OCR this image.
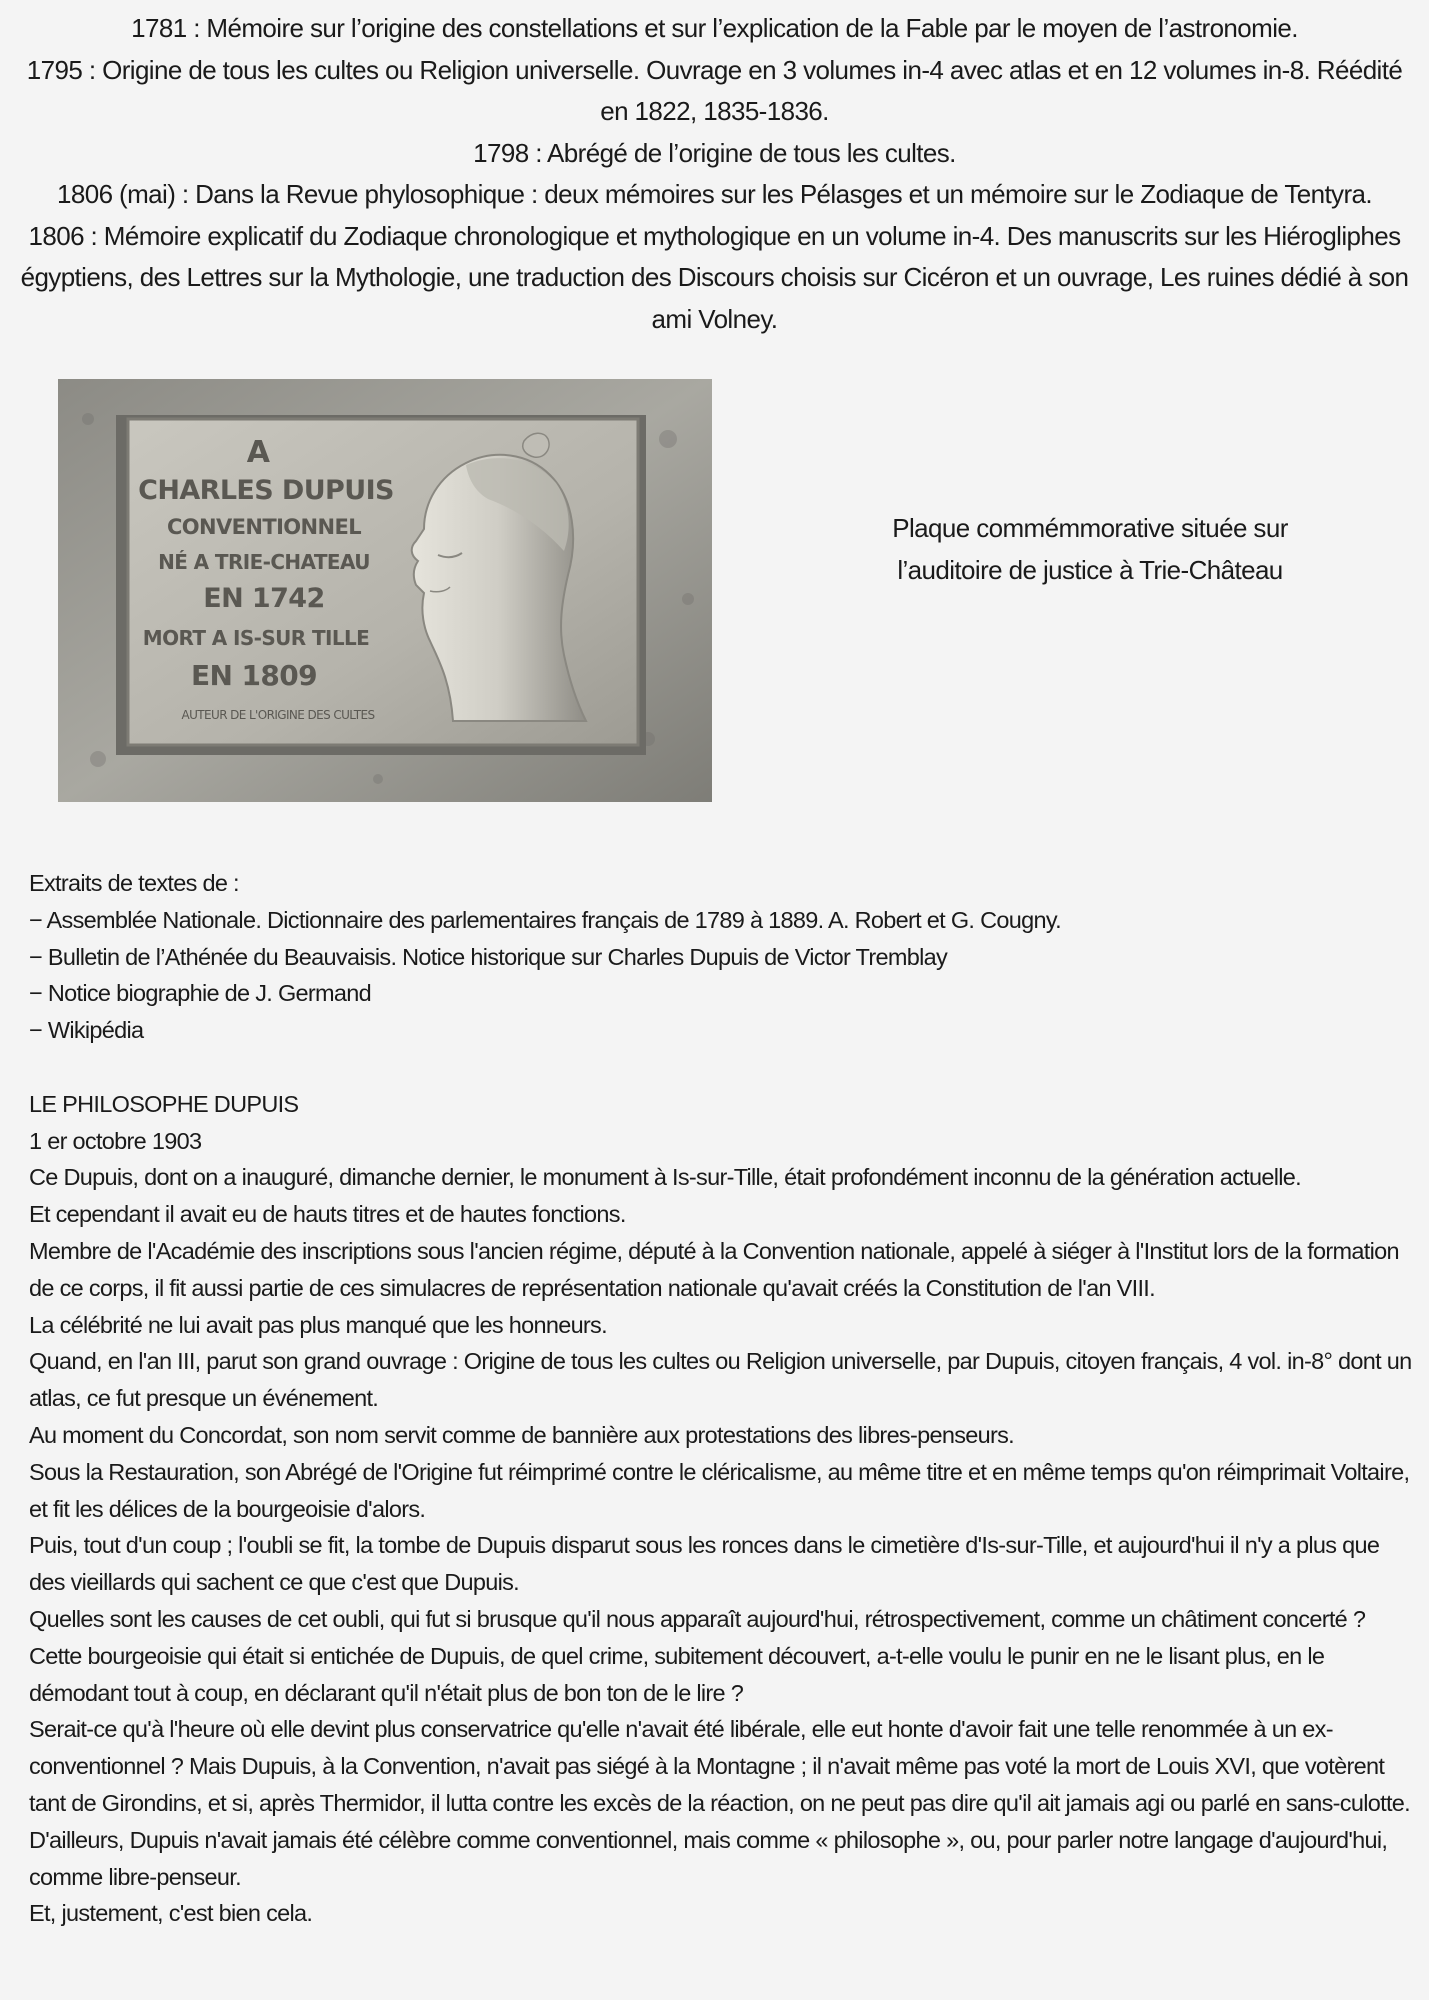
1781 : Mémoire sur l’origine des constellations et sur l’explication de la Fable par le moyen de l’astronomie.

1795 : Origine de tous les cultes ou Religion universelle. Ouvrage en 3 volumes in-4 avec atlas et en 12 volumes in-8. Réédité en 1822, 1835-1836.

1798 : Abrégé de l’origine de tous les cultes.

1806 (mai) : Dans la Revue phylosophique : deux mémoires sur les Pélasges et un mémoire sur le Zodiaque de Tentyra.

1806 : Mémoire explicatif du Zodiaque chronologique et mythologique en un volume in-4. Des manuscrits sur les Hiérogliphes égyptiens, des Lettres sur la Mythologie, une traduction des Discours choisis sur Cicéron et un ouvrage, Les ruines dédié à son ami Volney.

A
CHARLES DUPUIS
CONVENTIONNEL
NÉ A TRIE-CHATEAU
EN 1742
MORT A IS-SUR TILLE
EN 1809
AUTEUR DE L'ORIGINE DES CULTES

Plaque commémmorative située sur

l’auditoire de justice à Trie-Château

Extraits de textes de :

− Assemblée Nationale. Dictionnaire des parlementaires français de 1789 à 1889. A. Robert et G. Cougny.

− Bulletin de l’Athénée du Beauvaisis. Notice historique sur Charles Dupuis de Victor Tremblay

− Notice biographie de J. Germand

− Wikipédia

LE PHILOSOPHE DUPUIS

1 er octobre 1903

Ce Dupuis, dont on a inauguré, dimanche dernier, le monument à Is-sur-Tille, était profondément inconnu de la génération actuelle.

Et cependant il avait eu de hauts titres et de hautes fonctions.

Membre de l'Académie des inscriptions sous l'ancien régime, député à la Convention nationale, appelé à siéger à l'Institut lors de la formation de ce corps, il fit aussi partie de ces simulacres de représentation nationale qu'avait créés la Constitution de l'an VIII.

La célébrité ne lui avait pas plus manqué que les honneurs.

Quand, en l'an III, parut son grand ouvrage : Origine de tous les cultes ou Religion universelle, par Dupuis, citoyen français, 4 vol. in-8° dont un atlas, ce fut presque un événement.

Au moment du Concordat, son nom servit comme de bannière aux protestations des libres-penseurs.

Sous la Restauration, son Abrégé de l'Origine fut réimprimé contre le cléricalisme, au même titre et en même temps qu'on réimprimait Voltaire, et fit les délices de la bourgeoisie d'alors.

Puis, tout d'un coup ; l'oubli se fit, la tombe de Dupuis disparut sous les ronces dans le cimetière d'Is-sur-Tille, et aujourd'hui il n'y a plus que des vieillards qui sachent ce que c'est que Dupuis.

Quelles sont les causes de cet oubli, qui fut si brusque qu'il nous apparaît aujourd'hui, rétrospectivement, comme un châtiment concerté ?

Cette bourgeoisie qui était si entichée de Dupuis, de quel crime, subitement découvert, a-t-elle voulu le punir en ne le lisant plus, en le démodant tout à coup, en déclarant qu'il n'était plus de bon ton de le lire ?

Serait-ce qu'à l'heure où elle devint plus conservatrice qu'elle n'avait été libérale, elle eut honte d'avoir fait une telle renommée à un ex-conventionnel ? Mais Dupuis, à la Convention, n'avait pas siégé à la Montagne ; il n'avait même pas voté la mort de Louis XVI, que votèrent tant de Girondins, et si, après Thermidor, il lutta contre les excès de la réaction, on ne peut pas dire qu'il ait jamais agi ou parlé en sans-culotte.

D'ailleurs, Dupuis n'avait jamais été célèbre comme conventionnel, mais comme « philosophe », ou, pour parler notre langage d'aujourd'hui, comme libre-penseur.

Et, justement, c'est bien cela.
